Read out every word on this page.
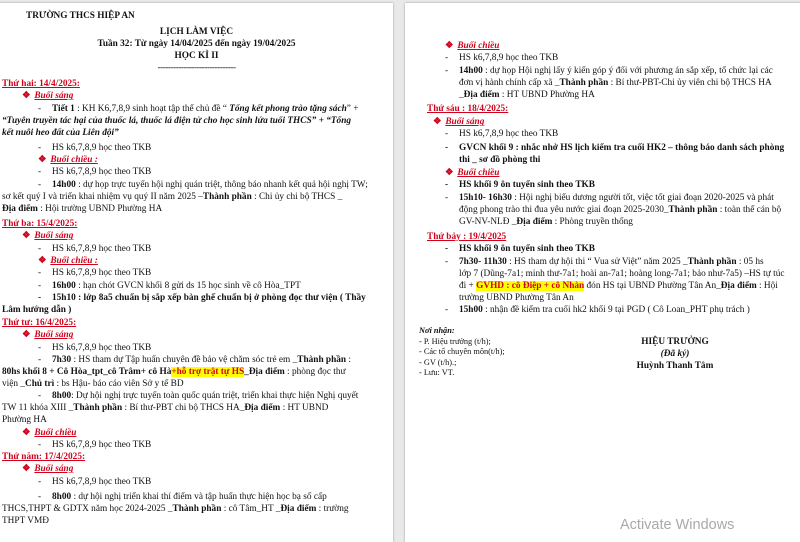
TRƯỜNG THCS HIỆP AN
LỊCH LÀM VIỆC
Tuần 32: Từ ngày 14/04/2025 đến ngày 19/04/2025
HỌC KÌ II
------------------------------
Thứ hai: 14/4/2025:
❖ Buổi sáng
- Tiết 1 : KH K6,7,8,9 sinh hoạt tập thể chủ đề “ Tổng kết phong trào tặng sách” +
“Tuyên truyền tác hại của thuốc lá, thuốc lá điện tử cho học sinh lứa tuổi THCS” + “Tổng
kết nuôi heo đất của Liên đội”
- HS k6,7,8,9 học theo TKB
❖ Buổi chiều :
- HS k6,7,8,9 học theo TKB
- 14h00 : dự họp trực tuyến hội nghị quán triệt, thông báo nhanh kết quả hội nghị TW;
sơ kết quý I và triển khai nhiệm vụ quý II năm 2025 –Thành phần : Chi ủy chi bộ THCS _
Địa điểm : Hội trường UBND Phường HA
Thứ ba: 15/4/2025:
❖ Buổi sáng
- HS k6,7,8,9 học theo TKB
❖ Buổi chiều :
- HS k6,7,8,9 học theo TKB
- 16h00 : hạn chót GVCN khối 8 gửi ds 15 học sinh về cô Hòa_TPT
- 15h10 : lớp 8a5 chuẩn bị sắp xếp bàn ghế chuẩn bị ở phòng đọc thư viện ( Thầy
Lâm hướng dẫn )
Thứ tư: 16/4/2025:
❖ Buổi sáng
- HS k6,7,8,9 học theo TKB
- 7h30 : HS tham dự Tập huấn chuyên đề bảo vệ chăm sóc trẻ em _Thành phần :
80hs khối 8 + Cô Hòa_tpt_cô Trâm+ cô Hà+hỗ trợ trật tự HS_Địa điểm : phòng đọc thư
viện _Chủ trì : bs Hậu- báo cáo viên Sở y tế BD
- 8h00: Dự hội nghị trực tuyến toàn quốc quán triệt, triển khai thực hiện Nghị quyết
TW 11 khóa XIII _Thành phần : Bí thư-PBT chi bộ THCS HA_Địa điểm : HT UBND
Phường HA
❖ Buổi chiều
- HS k6,7,8,9 học theo TKB
Thứ năm: 17/4/2025:
❖ Buổi sáng
- HS k6,7,8,9 học theo TKB
- 8h00 : dự hội nghị triển khai thí điểm và tập huấn thực hiện học bạ số cấp
THCS,THPT & GDTX năm học 2024-2025 _Thành phần : cô Tâm_HT _Địa điểm : trường
THPT VMĐ
❖ Buổi chiều
- HS k6,7,8,9 học theo TKB
- 14h00 : dự họp Hội nghị lấy ý kiến góp ý đối với phương án sắp xếp, tổ chức lại các
đơn vị hành chính cấp xã _Thành phần : Bí thư-PBT-Chi ủy viên chi bộ THCS HA
_Địa điểm : HT UBND Phường HA
Thứ sáu : 18/4/2025:
❖ Buổi sáng
- HS k6,7,8,9 học theo TKB
- GVCN khối 9 : nhắc nhở HS lịch kiểm tra cuối HK2 – thông báo danh sách phòng
thi _ sơ đồ phòng thi
❖ Buổi chiều
- HS khối 9 ôn tuyển sinh theo TKB
- 15h10- 16h30 : Hội nghị biểu dương người tốt, việc tốt giai đoạn 2020-2025 và phát
động phong trào thi đua yêu nước giai đoạn 2025-2030_Thành phần : toàn thể cán bộ
GV-NV-NLĐ _Địa điểm : Phòng truyền thống
Thứ bảy : 19/4/2025
- HS khối 9 ôn tuyển sinh theo TKB
- 7h30- 11h30 : HS tham dự hội thi “ Vua sử Việt” năm 2025 _Thành phần : 05 hs
lớp 7 (Dũng-7a1; minh thư-7a1; hoài an-7a1; hoàng long-7a1; bảo như-7a5) –HS tự túc
đi + GVHD : cô Điệp + cô Nhàn đón HS tại UBND Phường Tân An_Địa điểm : Hội
trường UBND Phường Tân An
- 15h00 : nhận đề kiểm tra cuối hk2 khối 9 tại PGD ( Cô Loan_PHT phụ trách )
Nơi nhận:
- P. Hiệu trưởng (t/h);
- Các tổ chuyên môn(t/h);
- GV (t/h).;
- Lưu: VT.
HIỆU TRƯỞNG
(Đã ký)
Huỳnh Thanh Tâm
Activate Windows
